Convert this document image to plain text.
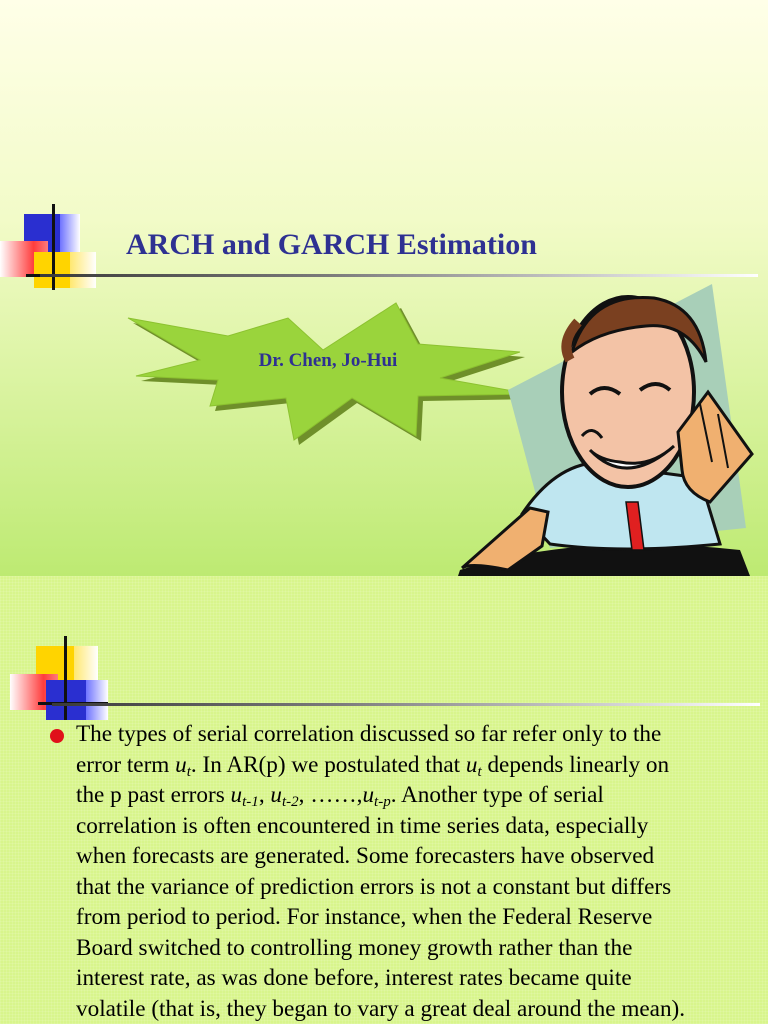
ARCH and GARCH Estimation
Dr. Chen, Jo-Hui

The types of serial correlation discussed so far refer only to the
error term $u_t$. In AR(p) we postulated that $u_t$ depends linearly on
the p past errors $u_{t-1}$, $u_{t-2}$, $\dots\dots,u_{t-p}$. Another type of serial
correlation is often encountered in time series data, especially
when forecasts are generated. Some forecasters have observed
that the variance of prediction errors is not a constant but differs
from period to period. For instance, when the Federal Reserve
Board switched to controlling money growth rather than the
interest rate, as was done before, interest rates became quite
volatile (that is, they began to vary a great deal around the mean).
